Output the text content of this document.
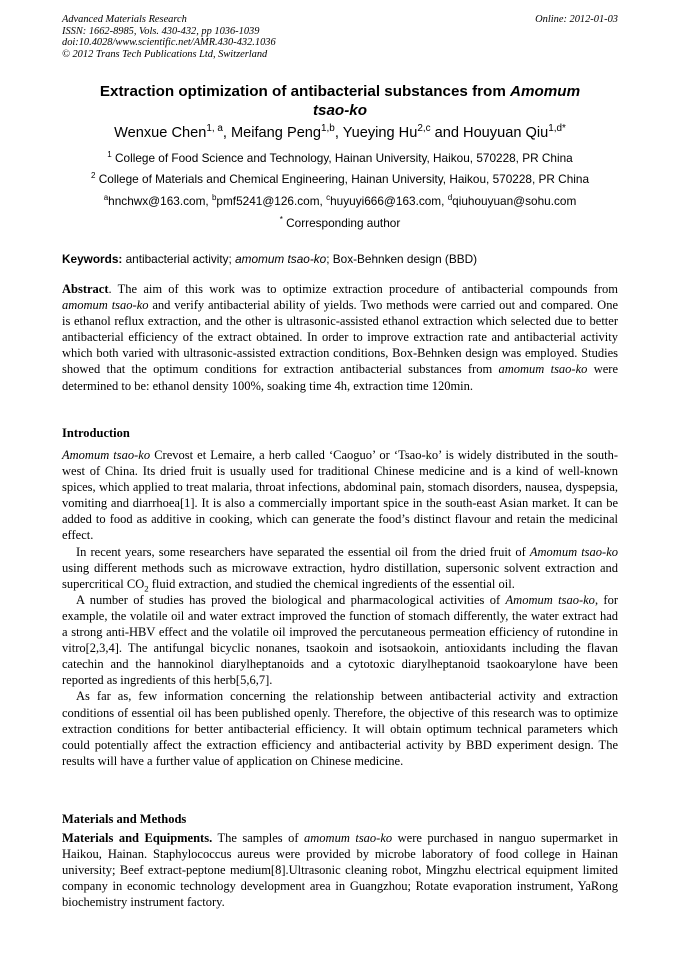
Advanced Materials Research
ISSN: 1662-8985, Vols. 430-432, pp 1036-1039
doi:10.4028/www.scientific.net/AMR.430-432.1036
© 2012 Trans Tech Publications Ltd, Switzerland
Online: 2012-01-03
Extraction optimization of antibacterial substances from Amomum
tsao-ko
Wenxue Chen$^{1, a}$, Meifang Peng$^{1,b}$, Yueying Hu$^{2,c}$ and Houyuan Qiu$^{1,d*}$
$^1$ College of Food Science and Technology, Hainan University, Haikou, 570228, PR China
$^2$ College of Materials and Chemical Engineering, Hainan University, Haikou, 570228, PR China
$^a$hnchwx@163.com, $^b$pmf5241@126.com, $^c$huyuyi666@163.com, $^d$qiuhouyuan@sohu.com
* Corresponding author
Keywords: antibacterial activity; amomum tsao-ko; Box-Behnken design (BBD)

Abstract. The aim of this work was to optimize extraction procedure of antibacterial compounds from amomum tsao-ko and verify antibacterial ability of yields. Two methods were carried out and compared. One is ethanol reflux extraction, and the other is ultrasonic-assisted ethanol extraction which selected due to better antibacterial efficiency of the extract obtained. In order to improve extraction rate and antibacterial activity which both varied with ultrasonic-assisted extraction conditions, Box-Behnken design was employed. Studies showed that the optimum conditions for extraction antibacterial substances from amomum tsao-ko were determined to be: ethanol density 100%, soaking time 4h, extraction time 120min.

Introduction

Amomum tsao-ko Crevost et Lemaire, a herb called ‘Caoguo’ or ‘Tsao-ko’ is widely distributed in the south-west of China. Its dried fruit is usually used for traditional Chinese medicine and is a kind of well-known spices, which applied to treat malaria, throat infections, abdominal pain, stomach disorders, nausea, dyspepsia, vomiting and diarrhoea[1]. It is also a commercially important spice in the south-east Asian market. It can be added to food as additive in cooking, which can generate the food’s distinct flavour and retain the medicinal effect.

In recent years, some researchers have separated the essential oil from the dried fruit of Amomum tsao-ko using different methods such as microwave extraction, hydro distillation, supersonic solvent extraction and supercritical $CO_2$ fluid extraction, and studied the chemical ingredients of the essential oil.

A number of studies has proved the biological and pharmacological activities of Amomum tsao-ko, for example, the volatile oil and water extract improved the function of stomach differently, the water extract had a strong anti-HBV effect and the volatile oil improved the percutaneous permeation efficiency of rutondine in vitro[2,3,4]. The antifungal bicyclic nonanes, tsaokoin and isotsaokoin, antioxidants including the flavan catechin and the hannokinol diarylheptanoids and a cytotoxic diarylheptanoid tsaokoarylone have been reported as ingredients of this herb[5,6,7].

As far as, few information concerning the relationship between antibacterial activity and extraction conditions of essential oil has been published openly. Therefore, the objective of this research was to optimize extraction conditions for better antibacterial efficiency. It will obtain optimum technical parameters which could potentially affect the extraction efficiency and antibacterial activity by BBD experiment design. The results will have a further value of application on Chinese medicine.

Materials and Methods

Materials and Equipments. The samples of amomum tsao-ko were purchased in nanguo supermarket in Haikou, Hainan. Staphylococcus aureus were provided by microbe laboratory of food college in Hainan university; Beef extract-peptone medium[8].Ultrasonic cleaning robot, Mingzhu electrical equipment limited company in economic technology development area in Guangzhou; Rotate evaporation instrument, YaRong biochemistry instrument factory.
